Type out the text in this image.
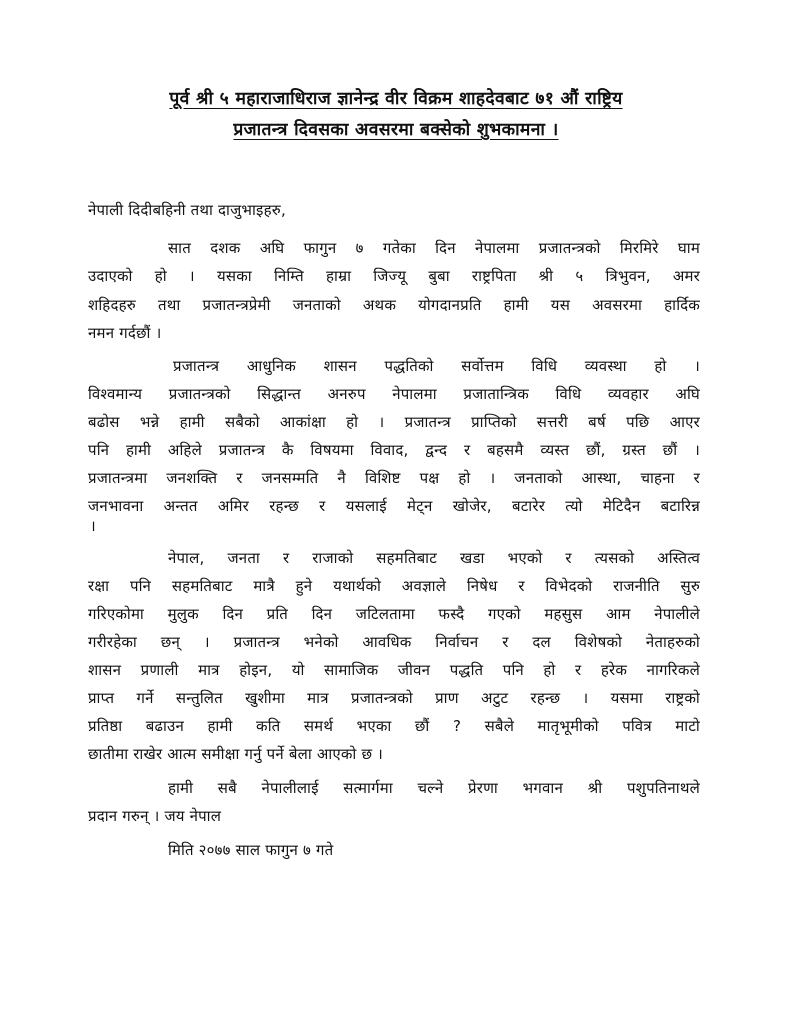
पूर्व श्री ५ महाराजाधिराज ज्ञानेन्द्र वीर विक्रम शाहदेवबाट ७१ औं राष्ट्रिय
प्रजातन्त्र दिवसका अवसरमा बक्सेको शुभकामना ।
नेपाली दिदीबहिनी तथा दाजुभाइहरु,
सात दशक अघि फागुन ७ गतेका दिन नेपालमा प्रजातन्त्रको मिरमिरे घाम
उदाएको हो । यसका निम्ति हाम्रा जिज्यू बुबा राष्ट्रपिता श्री ५ त्रिभुवन, अमर
शहिदहरु तथा प्रजातन्त्रप्रेमी जनताको अथक योगदानप्रति हामी यस अवसरमा हार्दिक
नमन गर्दछौं ।
प्रजातन्त्र आधुनिक शासन पद्धतिको सर्वोत्तम विधि व्यवस्था हो ।
विश्वमान्य प्रजातन्त्रको सिद्धान्त अनरुप नेपालमा प्रजातान्त्रिक विधि व्यवहार अघि
बढोस भन्ने हामी सबैको आकांक्षा हो । प्रजातन्त्र प्राप्तिको सत्तरी बर्ष पछि आएर
पनि हामी अहिले प्रजातन्त्र कै विषयमा विवाद, द्वन्द र बहसमै व्यस्त छौं, ग्रस्त छौं ।
प्रजातन्त्रमा जनशक्ति र जनसम्मति नै विशिष्ट पक्ष हो । जनताको आस्था, चाहना र
जनभावना अन्तत अमिर रहन्छ र यसलाई मेट्न खोजेर, बटारेर त्यो मेटिदैन बटारिन्न
।
नेपाल, जनता र राजाको सहमतिबाट खडा भएको र त्यसको अस्तित्व
रक्षा पनि सहमतिबाट मात्रै हुने यथार्थको अवज्ञाले निषेध र विभेदको राजनीति सुरु
गरिएकोमा मुलुक दिन प्रति दिन जटिलतामा फस्दै गएको महसुस आम नेपालीले
गरीरहेका छन् । प्रजातन्त्र भनेको आवधिक निर्वाचन र दल विशेषको नेताहरुको
शासन प्रणाली मात्र होइन, यो सामाजिक जीवन पद्धति पनि हो र हरेक नागरिकले
प्राप्त गर्ने सन्तुलित खुशीमा मात्र प्रजातन्त्रको प्राण अटुट रहन्छ । यसमा राष्ट्रको
प्रतिष्ठा बढाउन हामी कति समर्थ भएका छौं ? सबैले मातृभूमीको पवित्र माटो
छातीमा राखेर आत्म समीक्षा गर्नु पर्ने बेला आएको छ ।
हामी सबै नेपालीलाई सत्मार्गमा चल्ने प्रेरणा भगवान श्री पशुपतिनाथले
प्रदान गरुन् । जय नेपाल
मिति २०७७ साल फागुन ७ गते
